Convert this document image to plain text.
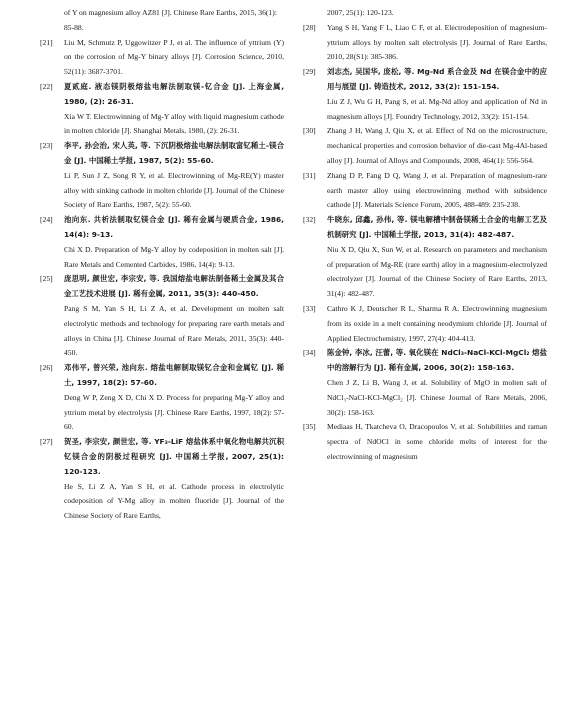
of Y on magnesium alloy AZ81 [J]. Chinese Rare Earths, 2015, 36(1): 85-88.
[21] Liu M, Schmutz P, Uggowitzer P J, et al. The influence of yttrium (Y) on the corrosion of Mg-Y binary alloys [J]. Corrosion Science, 2010, 52(11): 3687-3701.

[22] 夏贰庭. 液态镁阴极熔盐电解法制取镁-钇合金 [J]. 上海金属, 1980, (2): 26-31.

Xia W T. Electrowinning of Mg-Y alloy with liquid magnesium cathode in molten chloride [J]. Shanghai Metals, 1980, (2): 26-31.

[23] 李平, 孙会治, 宋人英, 等. 下沉阴极熔盐电解法制取富钇稀土-镁合金 [J]. 中国稀土学报, 1987, 5(2): 55-60.

Li P, Sun J Z, Song R Y, et al. Electrowinning of Mg-RE(Y) master alloy with sinking cathode in molten chloride [J]. Journal of the Chinese Society of Rare Earths, 1987, 5(2): 55-60.

[24] 池向东. 共析法制取钇镁合金 [J]. 稀有金属与硬质合金, 1986, 14(4): 9-13.

Chi X D. Preparation of Mg-Y alloy by codeposition in molten salt [J]. Rare Metals and Cemented Carbides, 1986, 14(4): 9-13.

[25] 庞思明, 颜世宏, 李宗安, 等. 我国熔盐电解法制备稀土金属及其合金工艺技术进展 [J]. 稀有金属, 2011, 35(3): 440-450.

Pang S M, Yan S H, Li Z A, et al. Development on molten salt electrolytic methods and technology for preparing rare earth metals and alloys in China [J]. Chinese Journal of Rare Metals, 2011, 35(3): 440-450.

[26] 邓伟平, 曾兴荣, 池向东. 熔盐电解制取镁钇合金和金属钇 [J]. 稀土, 1997, 18(2): 57-60.

Deng W P, Zeng X D, Chi X D. Process for preparing Mg-Y alloy and yttrium metal by electrolysis [J]. Chinese Rare Earths, 1997, 18(2): 57-60.

[27] 贺圣, 李宗安, 颜世宏, 等. YF₃-LiF 熔盐体系中氧化物电解共沉积钇镁合金的阴极过程研究 [J]. 中国稀土学报, 2007, 25(1): 120-123.

He S, Li Z A, Yan S H, et al. Cathode process in electrolytic codeposition of Y-Mg alloy in molten fluoride [J]. Journal of the Chinese Society of Rare Earths,

2007, 25(1): 120-123.
[28] Yang S H, Yang F L, Liao C F, et al. Electrodeposition of magnesium-yttrium alloys by molten salt electrolysis [J]. Journal of Rare Earths, 2010, 28(S1): 385-386.

[29] 刘志杰, 吴国华, 庞松, 等. Mg-Nd 系合金及 Nd 在镁合金中的应用与展望 [J]. 铸造技术, 2012, 33(2): 151-154.

Liu Z J, Wu G H, Pang S, et al. Mg-Nd alloy and application of Nd in magnesium alloys [J]. Foundry Technology, 2012, 33(2): 151-154.

[30] Zhang J H, Wang J, Qiu X, et al. Effect of Nd on the microstructure, mechanical properties and corrosion behavior of die-cast Mg-4Al-based alloy [J]. Journal of Alloys and Compounds, 2008, 464(1): 556-564.

[31] Zhang D P, Fang D Q, Wang J, et al. Preparation of magnesium-rare earth master alloy using electrowinning method with subsidence cathode [J]. Materials Science Forum, 2005, 488-489: 235-238.

[32] 牛晓东, 邱鑫, 孙伟, 等. 镁电解槽中制备镁稀土合金的电解工艺及机制研究 [J]. 中国稀土学报, 2013, 31(4): 482-487.

Niu X D, Qiu X, Sun W, et al. Research on parameters and mechanism of preparation of Mg-RE (rare earth) alloy in a magnesium-electrolyzed electrolyzer [J]. Journal of the Chinese Society of Rare Earths, 2013, 31(4): 482-487.

[33] Cathro K J, Deutscher R L, Sharma R A. Electrowinning magnesium from its oxide in a melt containing neodymium chloride [J]. Journal of Applied Electrochemistry, 1997, 27(4): 404-413.

[34] 陈金钟, 李冰, 汪蕾, 等. 氧化镁在 NdCl₃-NaCl-KCl-MgCl₂ 熔盐中的溶解行为 [J]. 稀有金属, 2006, 30(2): 158-163.

Chen J Z, Li B, Wang J, et al. Solubility of MgO in molten salt of NdCl₃-NaCl-KCl-MgCl₂ [J]. Chinese Journal of Rare Metals, 2006, 30(2): 158-163.

[35] Mediaas H, Tkatcheva O, Dracopoulos V, et al. Solubilities and raman spectra of NdOCl in some chloride melts of interest for the electrowinning of magnesium
